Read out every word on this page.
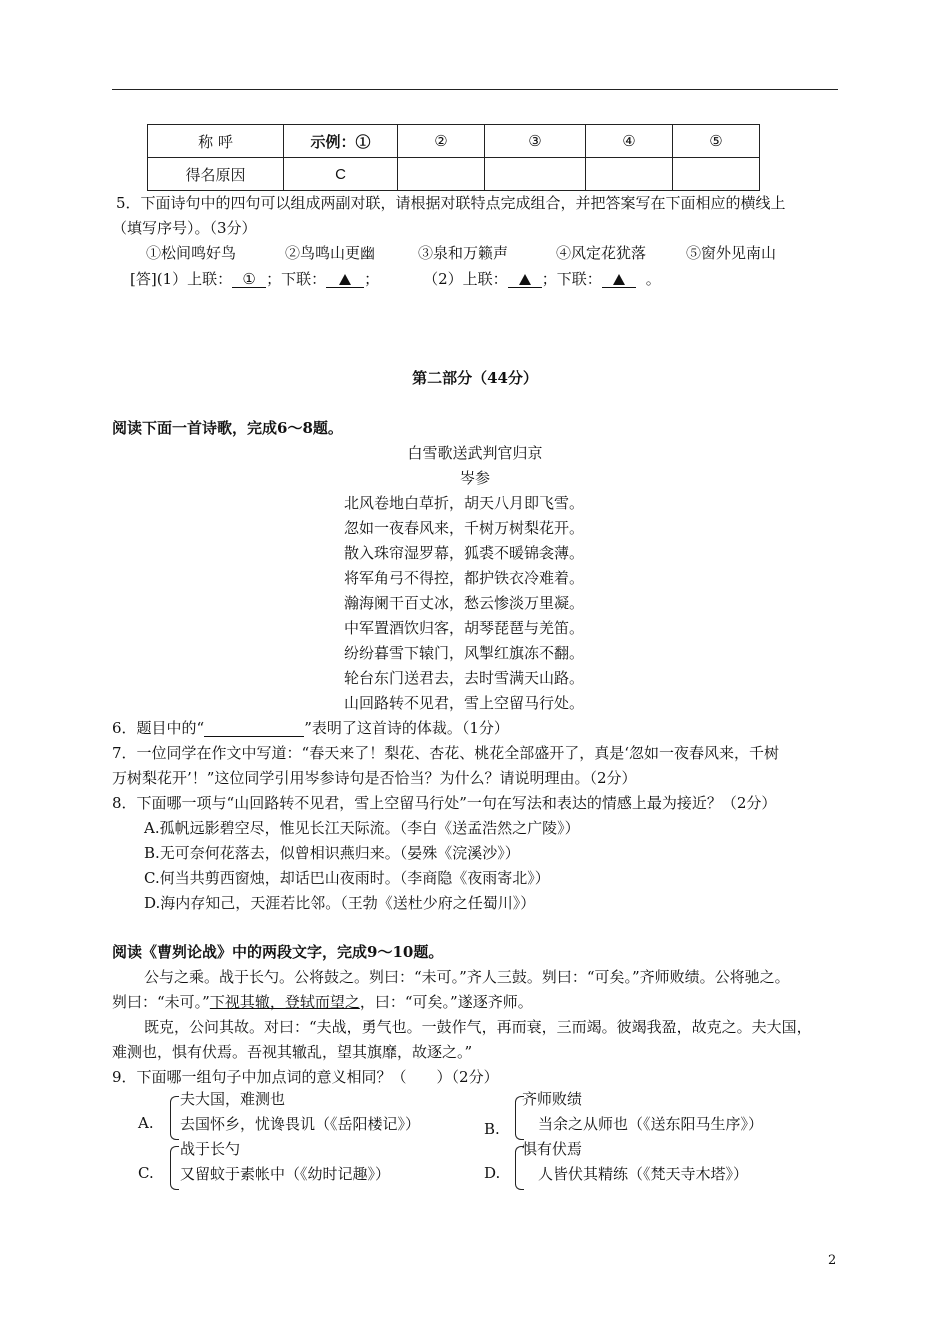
称 呼	示例：①	②	③	④	⑤
得名原因	C				
5．下面诗句中的四句可以组成两副对联，请根据对联特点完成组合，并把答案写在下面相应的横线上
（填写序号）。（3分）
①松间鸣好鸟	②鸟鸣山更幽	③泉和万籁声	④风定花犹落	⑤窗外见南山
[答](1）上联： ① ；下联：	；	（2）上联： ；下联：	。
第二部分（44分）
阅读下面一首诗歌，完成6～8题。
白雪歌送武判官归京
岑参
北风卷地白草折，胡天八月即飞雪。
忽如一夜春风来，千树万树梨花开。
散入珠帘湿罗幕，狐裘不暖锦衾薄。
将军角弓不得控，都护铁衣冷难着。
瀚海阑干百丈冰，愁云惨淡万里凝。
中军置酒饮归客，胡琴琵琶与羌笛。
纷纷暮雪下辕门，风掣红旗冻不翻。
轮台东门送君去，去时雪满天山路。
山回路转不见君，雪上空留马行处。
6．题目中的“	”表明了这首诗的体裁。（1分）
7．一位同学在作文中写道：“春天来了！梨花、杏花、桃花全部盛开了，真是‘忽如一夜春风来，千树
万树梨花开’！”这位同学引用岑参诗句是否恰当？为什么？请说明理由。（2分）
8．下面哪一项与“山回路转不见君，雪上空留马行处”一句在写法和表达的情感上最为接近？（2分）
A.孤帆远影碧空尽，惟见长江天际流。（李白《送孟浩然之广陵》）
B.无可奈何花落去，似曾相识燕归来。（晏殊《浣溪沙》）
C.何当共剪西窗烛，却话巴山夜雨时。（李商隐《夜雨寄北》）
D.海内存知己，天涯若比邻。（王勃《送杜少府之任蜀川》）
阅读《曹刿论战》中的两段文字，完成9～10题。
公与之乘。战于长勺。公将鼓之。刿曰：“未可。”齐人三鼓。刿曰：“可矣。”齐师败绩。公将驰之。
刿曰：“未可。”下视其辙，登轼而望之，曰：“可矣。”遂逐齐师。
既克，公问其故。对曰：“夫战，勇气也。一鼓作气，再而衰，三而竭。彼竭我盈，故克之。夫大国，
难测也，惧有伏焉。吾视其辙乱，望其旗靡，故逐之。”
9．下面哪一组句子中加点词的意义相同？（　　）（2分）
A.
夫大国，难测也
去国怀乡，忧谗畏讥（《岳阳楼记》）	B.
齐师败绩
当余之从师也（《送东阳马生序》）
C.
战于长勺
又留蚊于素帐中（《幼时记趣》）	D.
惧有伏焉
人皆伏其精练（《梵天寺木塔》）
2
